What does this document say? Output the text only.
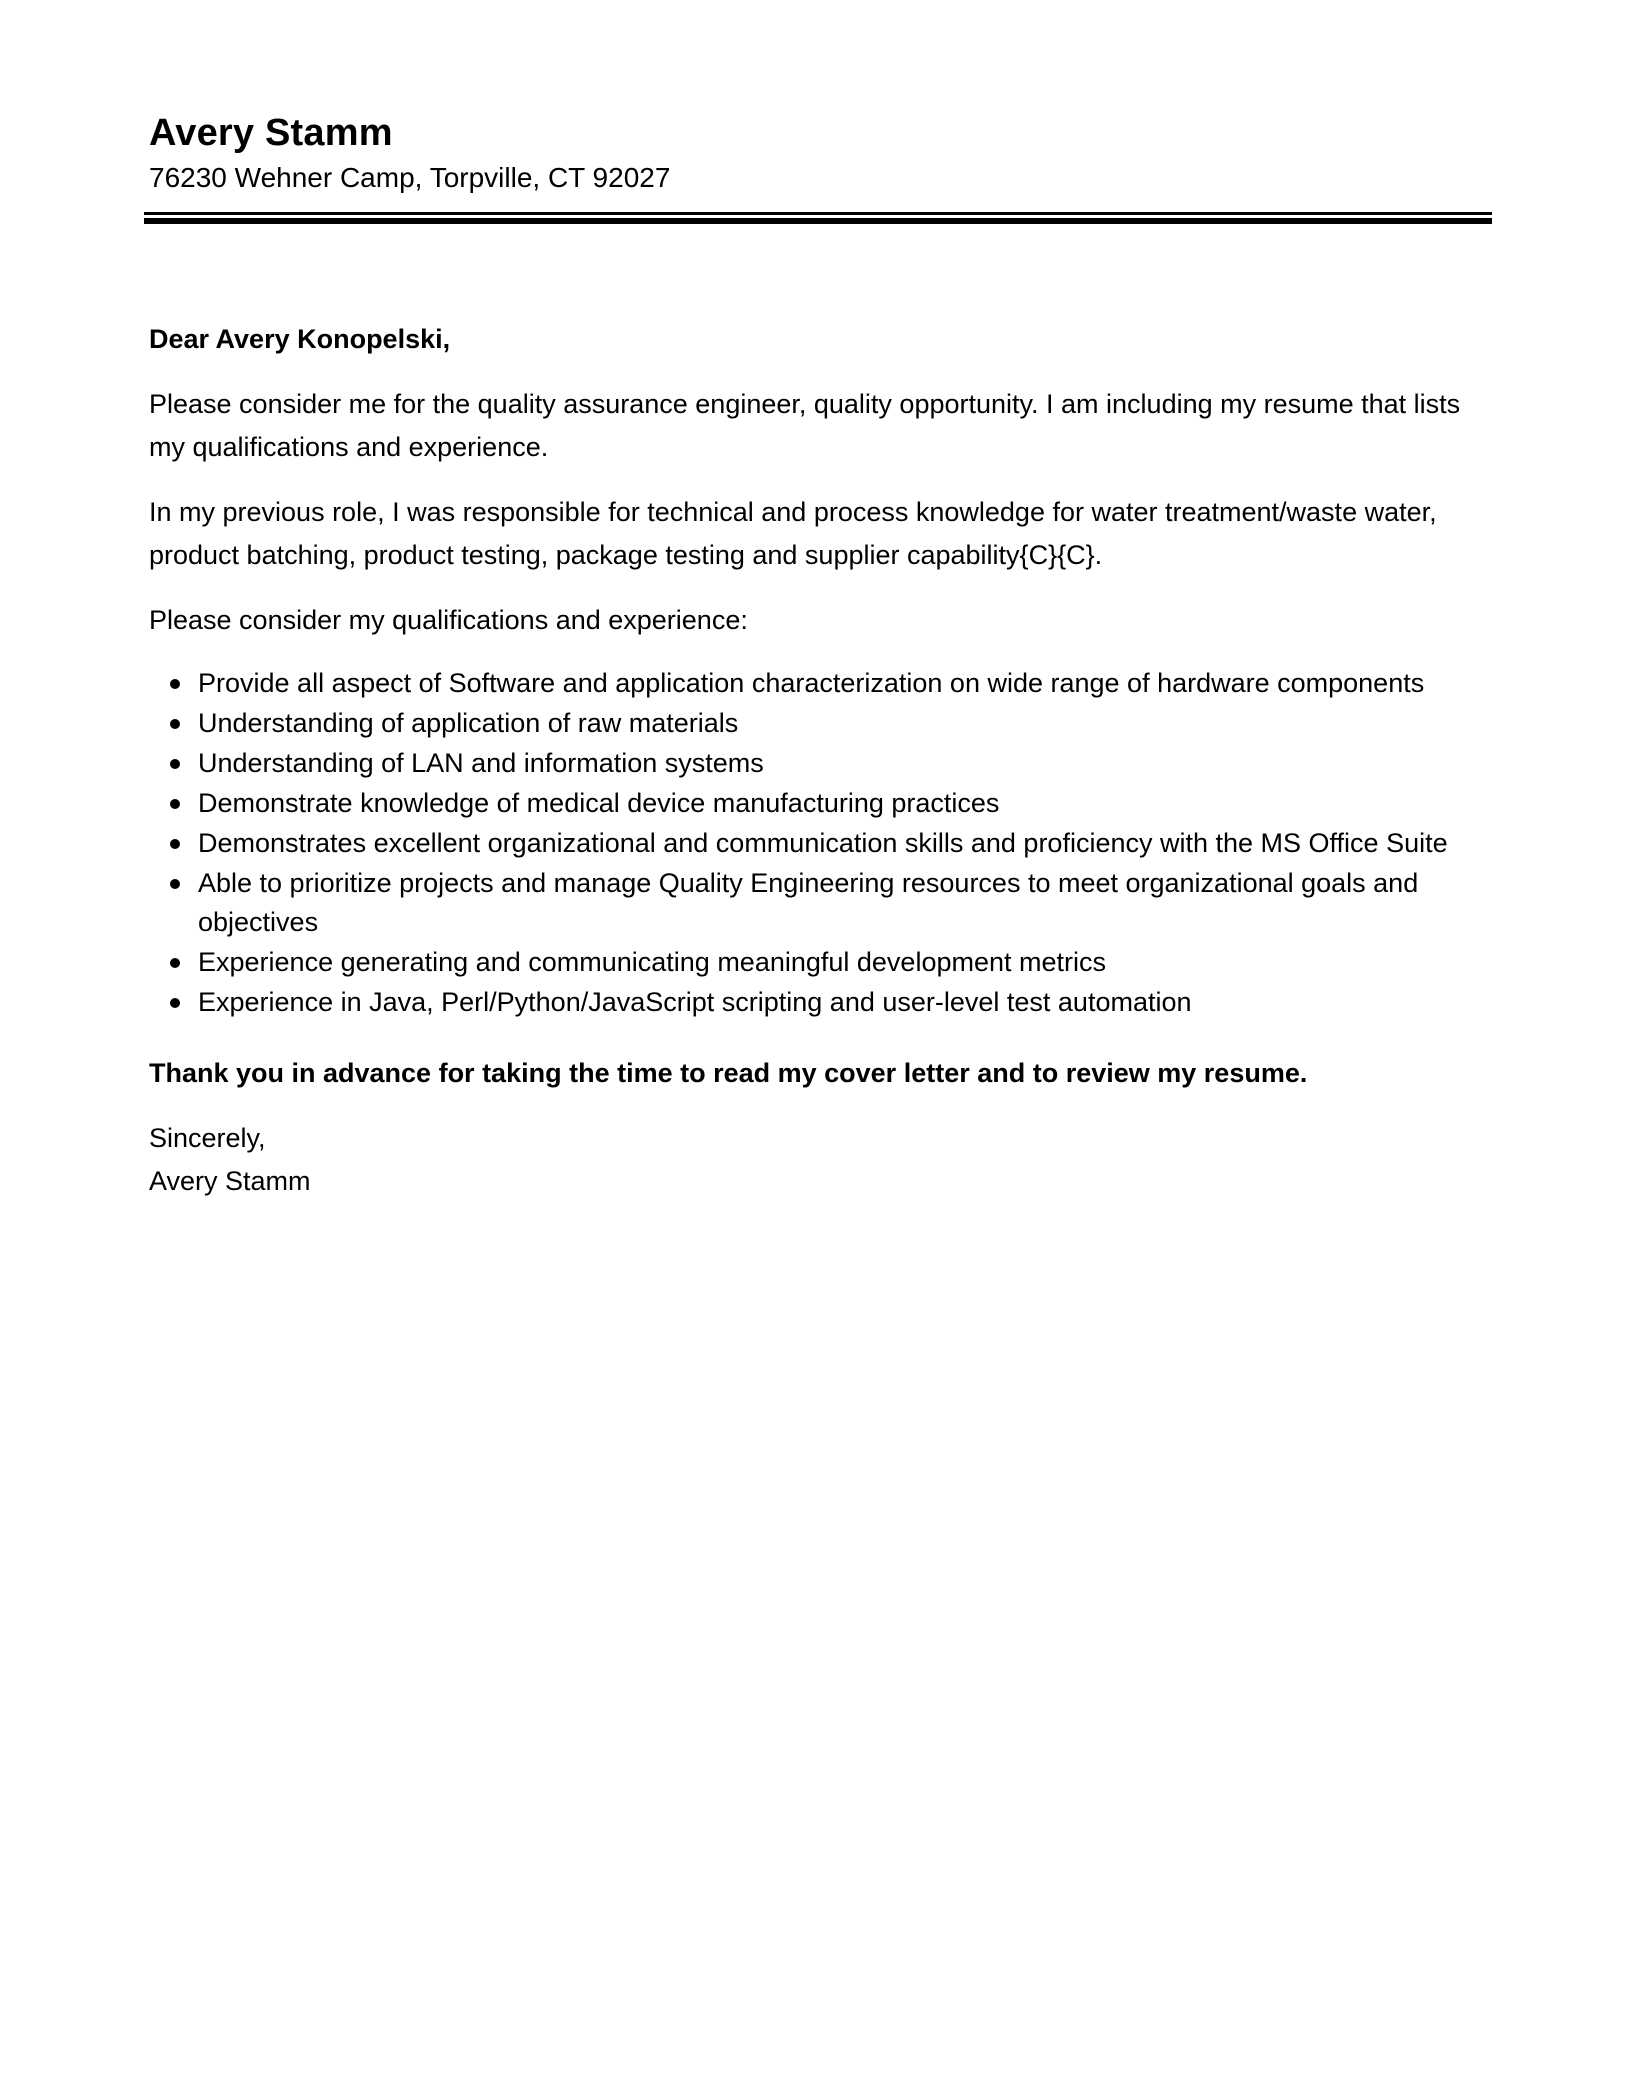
Avery Stamm
76230 Wehner Camp, Torpville, CT 92027

Dear Avery Konopelski,

Please consider me for the quality assurance engineer, quality opportunity. I am including my resume that lists my qualifications and experience.

In my previous role, I was responsible for technical and process knowledge for water treatment/waste water, product batching, product testing, package testing and supplier capability{C}{C}.

Please consider my qualifications and experience:

Provide all aspect of Software and application characterization on wide range of hardware components
Understanding of application of raw materials
Understanding of LAN and information systems
Demonstrate knowledge of medical device manufacturing practices
Demonstrates excellent organizational and communication skills and proficiency with the MS Office Suite
Able to prioritize projects and manage Quality Engineering resources to meet organizational goals and objectives
Experience generating and communicating meaningful development metrics
Experience in Java, Perl/Python/JavaScript scripting and user-level test automation

Thank you in advance for taking the time to read my cover letter and to review my resume.

Sincerely,

Avery Stamm
